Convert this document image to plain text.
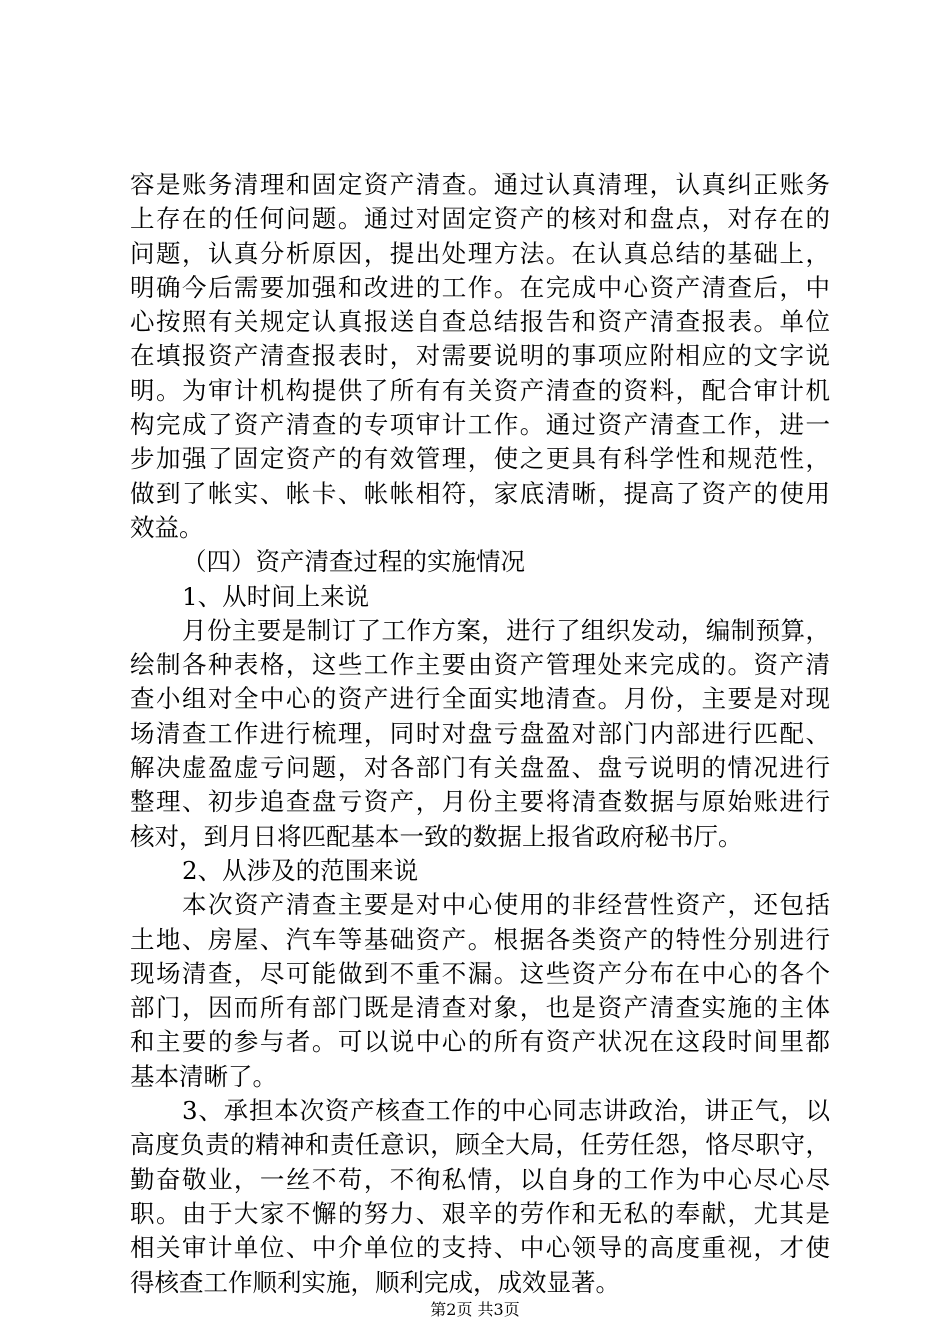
容是账务清理和固定资产清查。通过认真清理，认真纠正账务
上存在的任何问题。通过对固定资产的核对和盘点，对存在的
问题，认真分析原因，提出处理方法。在认真总结的基础上，
明确今后需要加强和改进的工作。在完成中心资产清查后，中
心按照有关规定认真报送自查总结报告和资产清查报表。单位
在填报资产清查报表时，对需要说明的事项应附相应的文字说
明。为审计机构提供了所有有关资产清查的资料，配合审计机
构完成了资产清查的专项审计工作。通过资产清查工作，进一
步加强了固定资产的有效管理，使之更具有科学性和规范性，
做到了帐实、帐卡、帐帐相符，家底清晰，提高了资产的使用
效益。
（四）资产清查过程的实施情况
1、从时间上来说
月份主要是制订了工作方案，进行了组织发动，编制预算，
绘制各种表格，这些工作主要由资产管理处来完成的。资产清
查小组对全中心的资产进行全面实地清查。月份，主要是对现
场清查工作进行梳理，同时对盘亏盘盈对部门内部进行匹配、
解决虚盈虚亏问题，对各部门有关盘盈、盘亏说明的情况进行
整理、初步追查盘亏资产，月份主要将清查数据与原始账进行
核对，到月日将匹配基本一致的数据上报省政府秘书厅。
2、从涉及的范围来说
本次资产清查主要是对中心使用的非经营性资产，还包括
土地、房屋、汽车等基础资产。根据各类资产的特性分别进行
现场清查，尽可能做到不重不漏。这些资产分布在中心的各个
部门，因而所有部门既是清查对象，也是资产清查实施的主体
和主要的参与者。可以说中心的所有资产状况在这段时间里都
基本清晰了。
3、承担本次资产核查工作的中心同志讲政治，讲正气，以
高度负责的精神和责任意识，顾全大局，任劳任怨，恪尽职守，
勤奋敬业，一丝不苟，不徇私情，以自身的工作为中心尽心尽
职。由于大家不懈的努力、艰辛的劳作和无私的奉献，尤其是
相关审计单位、中介单位的支持、中心领导的高度重视，才使
得核查工作顺利实施，顺利完成，成效显著。
第2页 共3页
